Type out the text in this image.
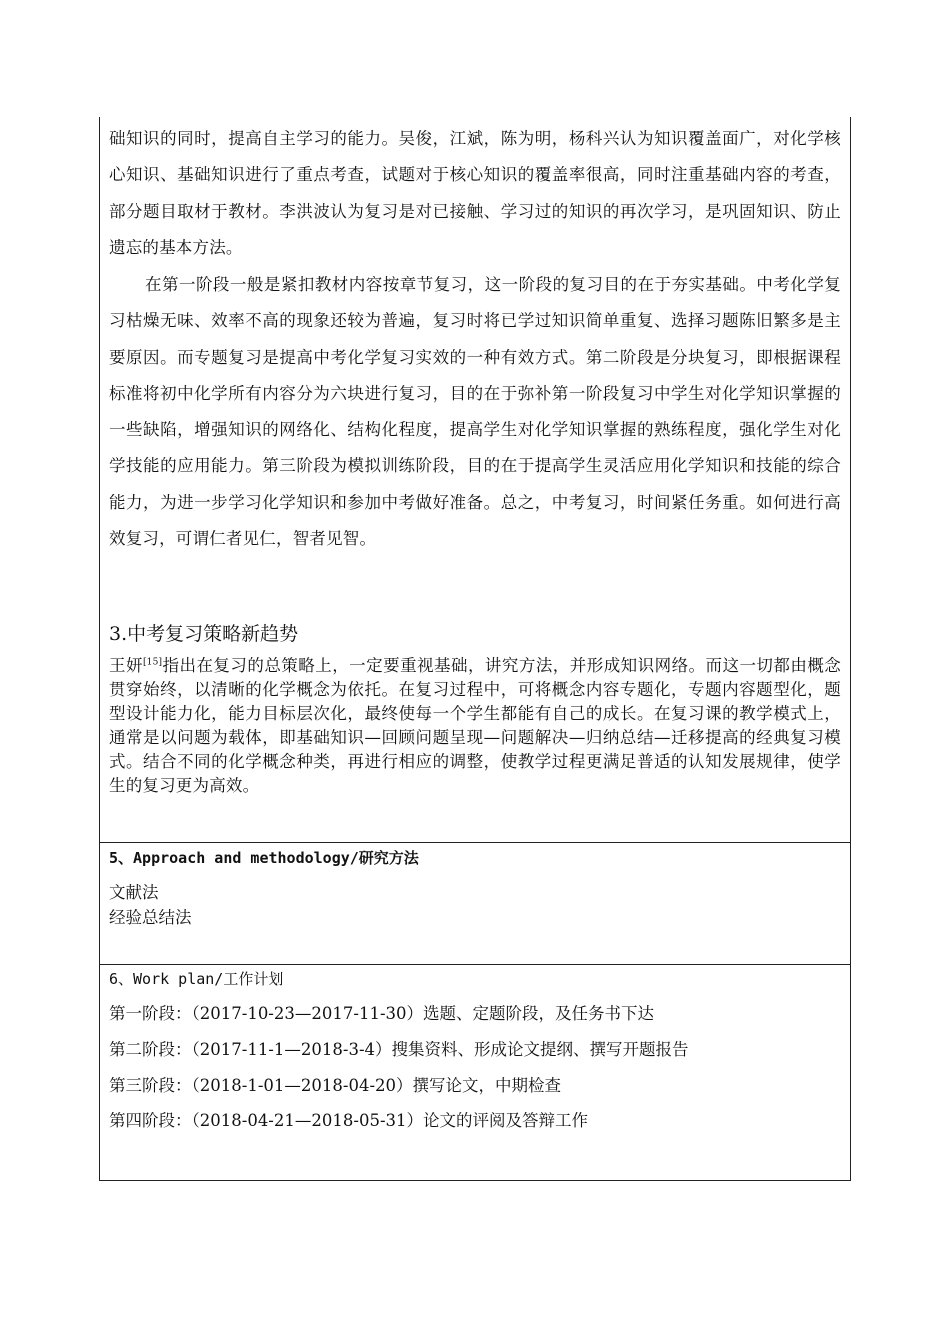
础知识的同时，提高自主学习的能力。吴俊，江斌，陈为明，杨科兴认为知识覆盖面广，对化学核心知识、基础知识进行了重点考查，试题对于核心知识的覆盖率很高，同时注重基础内容的考查，部分题目取材于教材。李洪波认为复习是对已接触、学习过的知识的再次学习，是巩固知识、防止遗忘的基本方法。
在第一阶段一般是紧扣教材内容按章节复习，这一阶段的复习目的在于夯实基础。中考化学复习枯燥无味、效率不高的现象还较为普遍，复习时将已学过知识简单重复、选择习题陈旧繁多是主要原因。而专题复习是提高中考化学复习实效的一种有效方式。第二阶段是分块复习，即根据课程标准将初中化学所有内容分为六块进行复习，目的在于弥补第一阶段复习中学生对化学知识掌握的一些缺陷，增强知识的网络化、结构化程度，提高学生对化学知识掌握的熟练程度，强化学生对化学技能的应用能力。第三阶段为模拟训练阶段，目的在于提高学生灵活应用化学知识和技能的综合能力，为进一步学习化学知识和参加中考做好准备。总之，中考复习，时间紧任务重。如何进行高效复习，可谓仁者见仁，智者见智。
3.中考复习策略新趋势
王妍[15]指出在复习的总策略上，一定要重视基础，讲究方法，并形成知识网络。而这一切都由概念贯穿始终，以清晰的化学概念为依托。在复习过程中，可将概念内容专题化，专题内容题型化，题型设计能力化，能力目标层次化，最终使每一个学生都能有自己的成长。在复习课的教学模式上，通常是以问题为载体，即基础知识—回顾问题呈现—问题解决—归纳总结—迁移提高的经典复习模式。结合不同的化学概念种类，再进行相应的调整，使教学过程更满足普适的认知发展规律，使学生的复习更为高效。
5、Approach and methodology/研究方法
文献法
经验总结法
6、Work plan/工作计划
第一阶段：（2017-10-23—2017-11-30）选题、定题阶段，及任务书下达
第二阶段：（2017-11-1—2018-3-4）搜集资料、形成论文提纲、撰写开题报告
第三阶段：（2018-1-01—2018-04-20）撰写论文，中期检查
第四阶段：（2018-04-21—2018-05-31）论文的评阅及答辩工作
